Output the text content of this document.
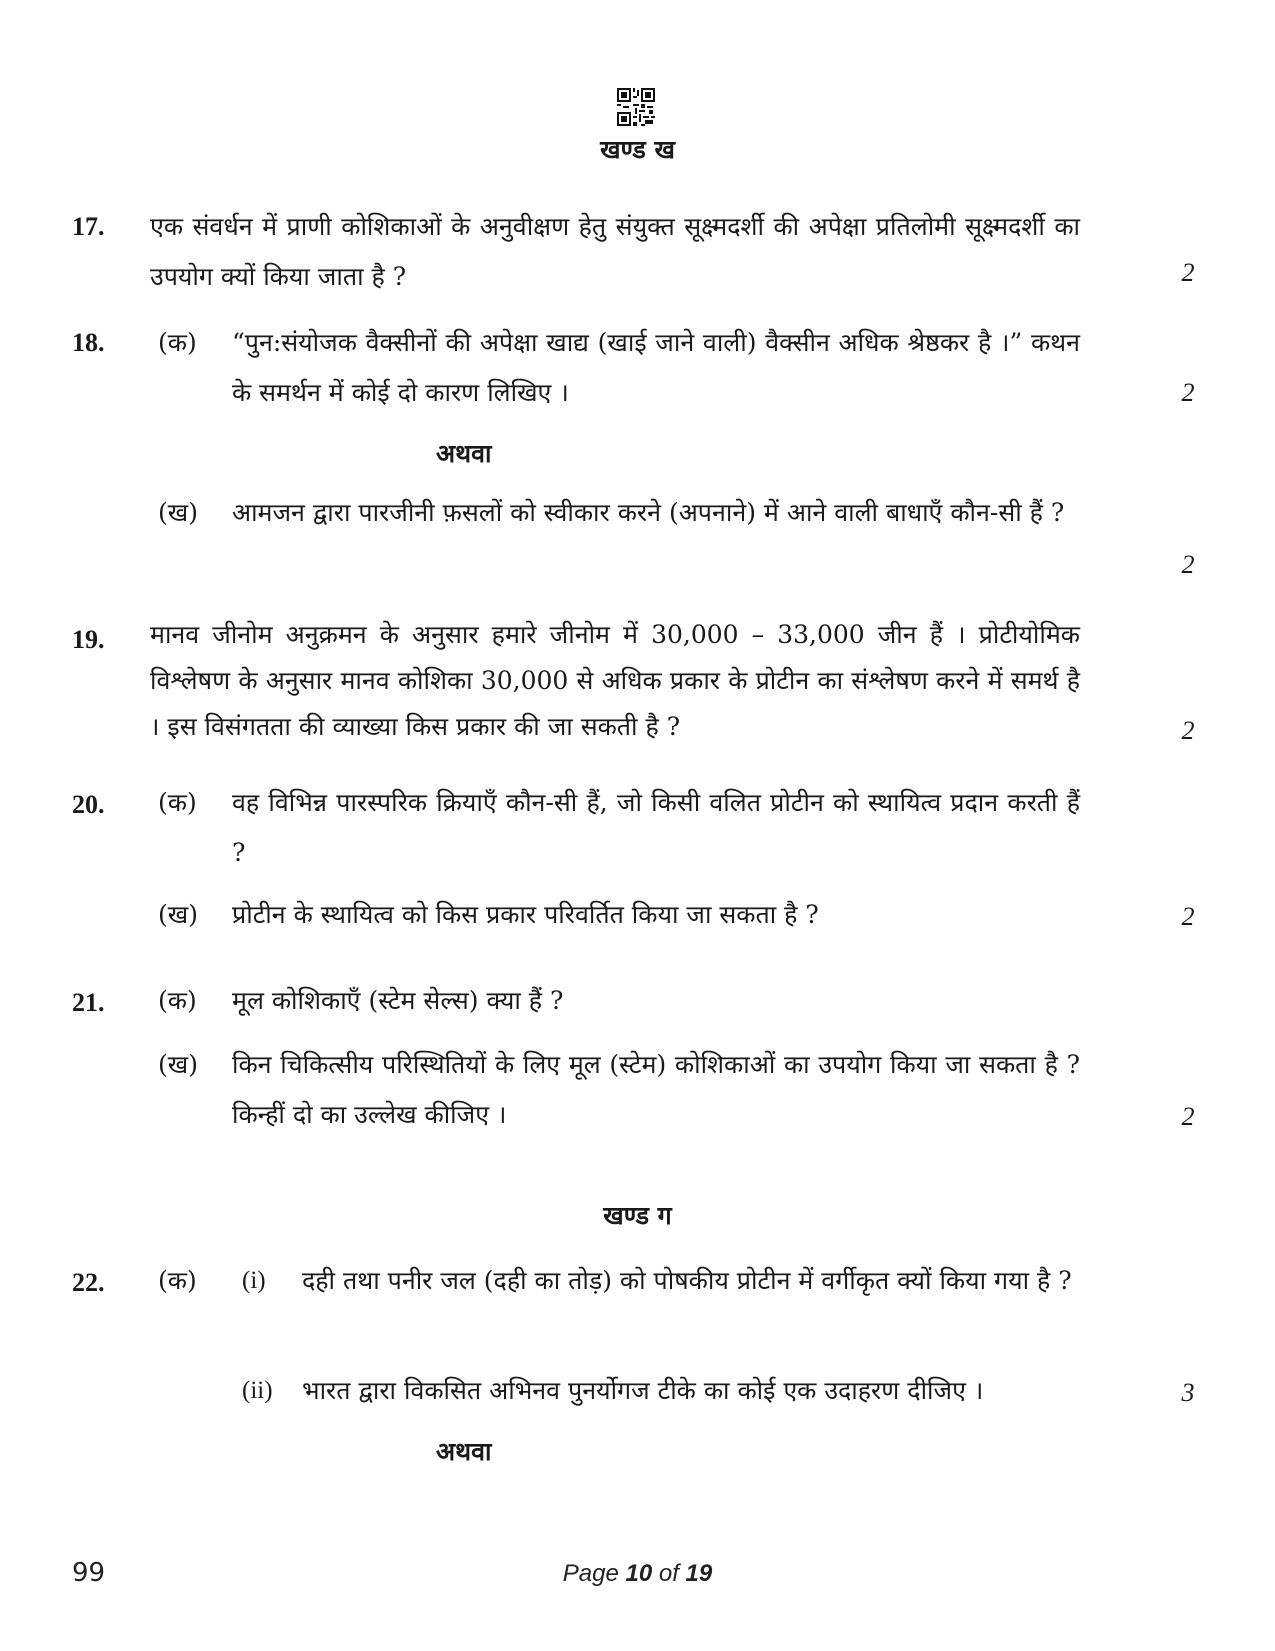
खण्ड ख
17. एक संवर्धन में प्राणी कोशिकाओं के अनुवीक्षण हेतु संयुक्त सूक्ष्मदर्शी की अपेक्षा प्रतिलोमी सूक्ष्मदर्शी का उपयोग क्यों किया जाता है ?	2
18. (क) “पुन:संयोजक वैक्सीनों की अपेक्षा खाद्य (खाई जाने वाली) वैक्सीन अधिक श्रेष्ठकर है ।” कथन के समर्थन में कोई दो कारण लिखिए ।	2
अथवा
(ख) आमजन द्वारा पारजीनी फ़सलों को स्वीकार करने (अपनाने) में आने वाली बाधाएँ कौन-सी हैं ?
2
19. मानव जीनोम अनुक्रमन के अनुसार हमारे जीनोम में 30,000 – 33,000 जीन हैं । प्रोटीयोमिक विश्लेषण के अनुसार मानव कोशिका 30,000 से अधिक प्रकार के प्रोटीन का संश्लेषण करने में समर्थ है । इस विसंगतता की व्याख्या किस प्रकार की जा सकती है ?	2
20. (क) वह विभिन्न पारस्परिक क्रियाएँ कौन-सी हैं, जो किसी वलित प्रोटीन को स्थायित्व प्रदान करती हैं ?
(ख) प्रोटीन के स्थायित्व को किस प्रकार परिवर्तित किया जा सकता है ?	2
21. (क) मूल कोशिकाएँ (स्टेम सेल्स) क्या हैं ?
(ख) किन चिकित्सीय परिस्थितियों के लिए मूल (स्टेम) कोशिकाओं का उपयोग किया जा सकता है ? किन्हीं दो का उल्लेख कीजिए ।	2
खण्ड ग
22. (क) (i) दही तथा पनीर जल (दही का तोड़) को पोषकीय प्रोटीन में वर्गीकृत क्यों किया गया है ?
(ii) भारत द्वारा विकसित अभिनव पुनर्योगज टीके का कोई एक उदाहरण दीजिए ।	3
अथवा
99	Page 10 of 19
